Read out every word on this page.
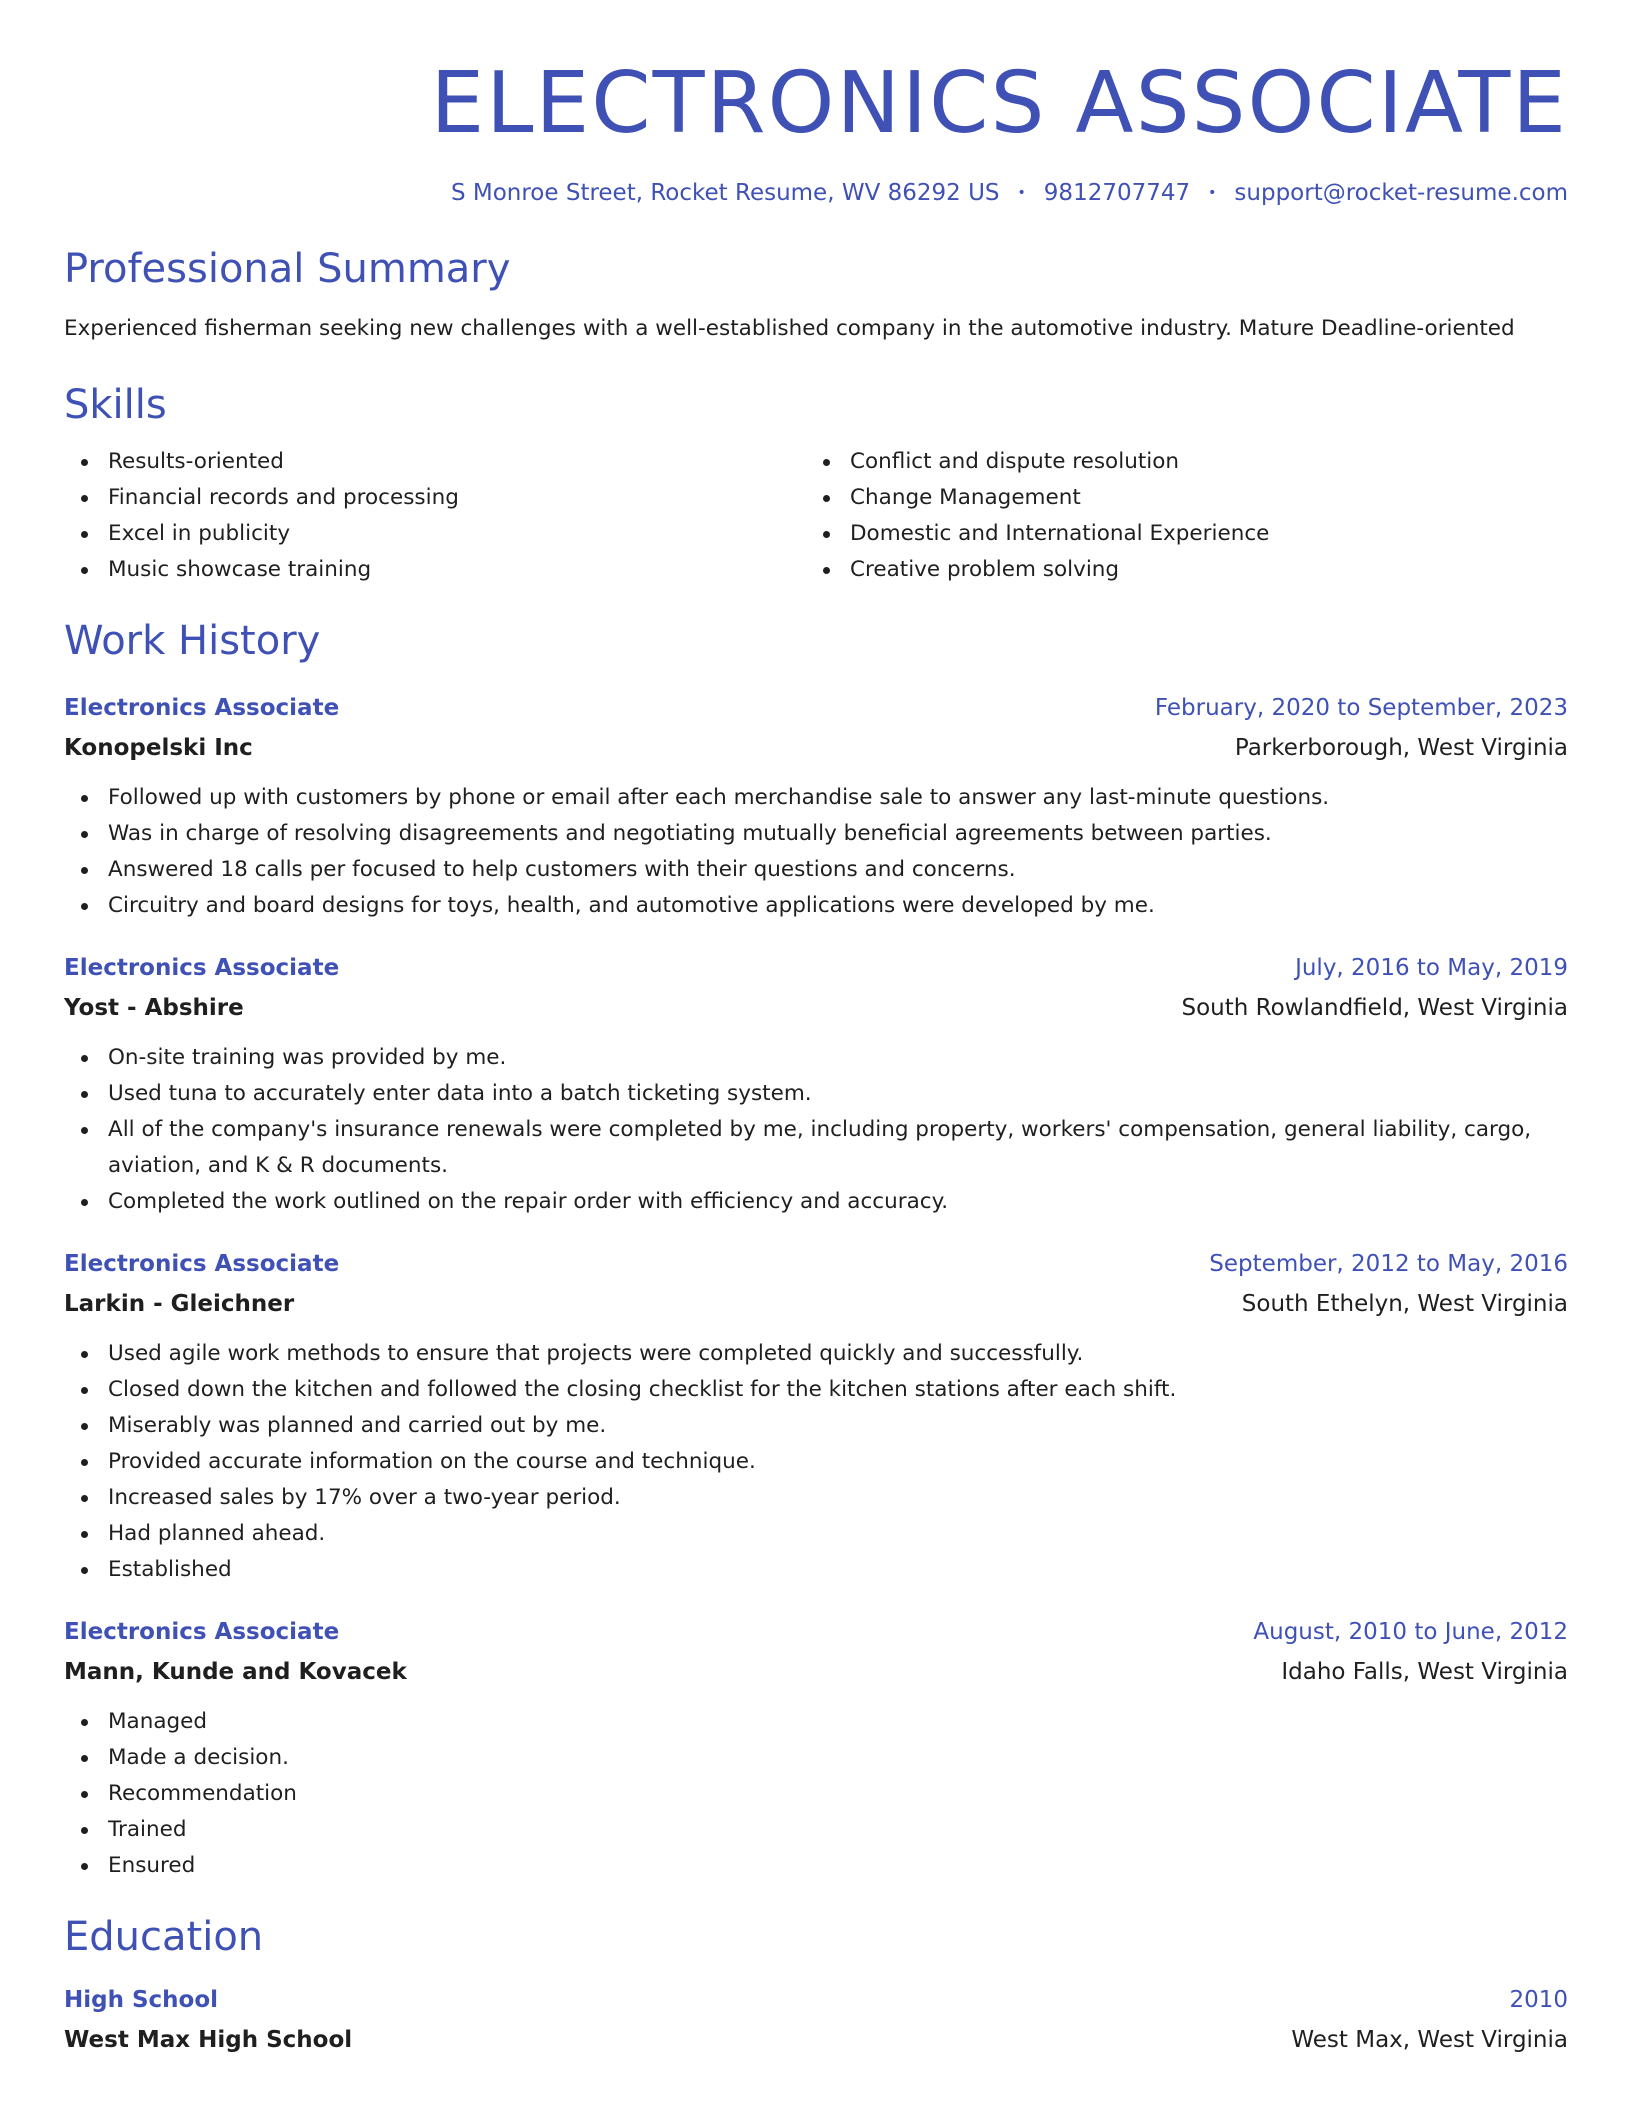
ELECTRONICS ASSOCIATE
S Monroe Street, Rocket Resume, WV 86292 US • 9812707747 • support@rocket-resume.com
Professional Summary
Experienced fisherman seeking new challenges with a well-established company in the automotive industry. Mature Deadline-oriented
Skills
Results-oriented
Financial records and processing
Excel in publicity
Music showcase training
Conflict and dispute resolution
Change Management
Domestic and International Experience
Creative problem solving
Work History
Electronics Associate	February, 2020 to September, 2023
Konopelski Inc	Parkerborough, West Virginia
Followed up with customers by phone or email after each merchandise sale to answer any last-minute questions.
Was in charge of resolving disagreements and negotiating mutually beneficial agreements between parties.
Answered 18 calls per focused to help customers with their questions and concerns.
Circuitry and board designs for toys, health, and automotive applications were developed by me.
Electronics Associate	July, 2016 to May, 2019
Yost - Abshire	South Rowlandfield, West Virginia
On-site training was provided by me.
Used tuna to accurately enter data into a batch ticketing system.
All of the company's insurance renewals were completed by me, including property, workers' compensation, general liability, cargo, aviation, and K & R documents.
Completed the work outlined on the repair order with efficiency and accuracy.
Electronics Associate	September, 2012 to May, 2016
Larkin - Gleichner	South Ethelyn, West Virginia
Used agile work methods to ensure that projects were completed quickly and successfully.
Closed down the kitchen and followed the closing checklist for the kitchen stations after each shift.
Miserably was planned and carried out by me.
Provided accurate information on the course and technique.
Increased sales by 17% over a two-year period.
Had planned ahead.
Established
Electronics Associate	August, 2010 to June, 2012
Mann, Kunde and Kovacek	Idaho Falls, West Virginia
Managed
Made a decision.
Recommendation
Trained
Ensured
Education
High School	2010
West Max High School	West Max, West Virginia
